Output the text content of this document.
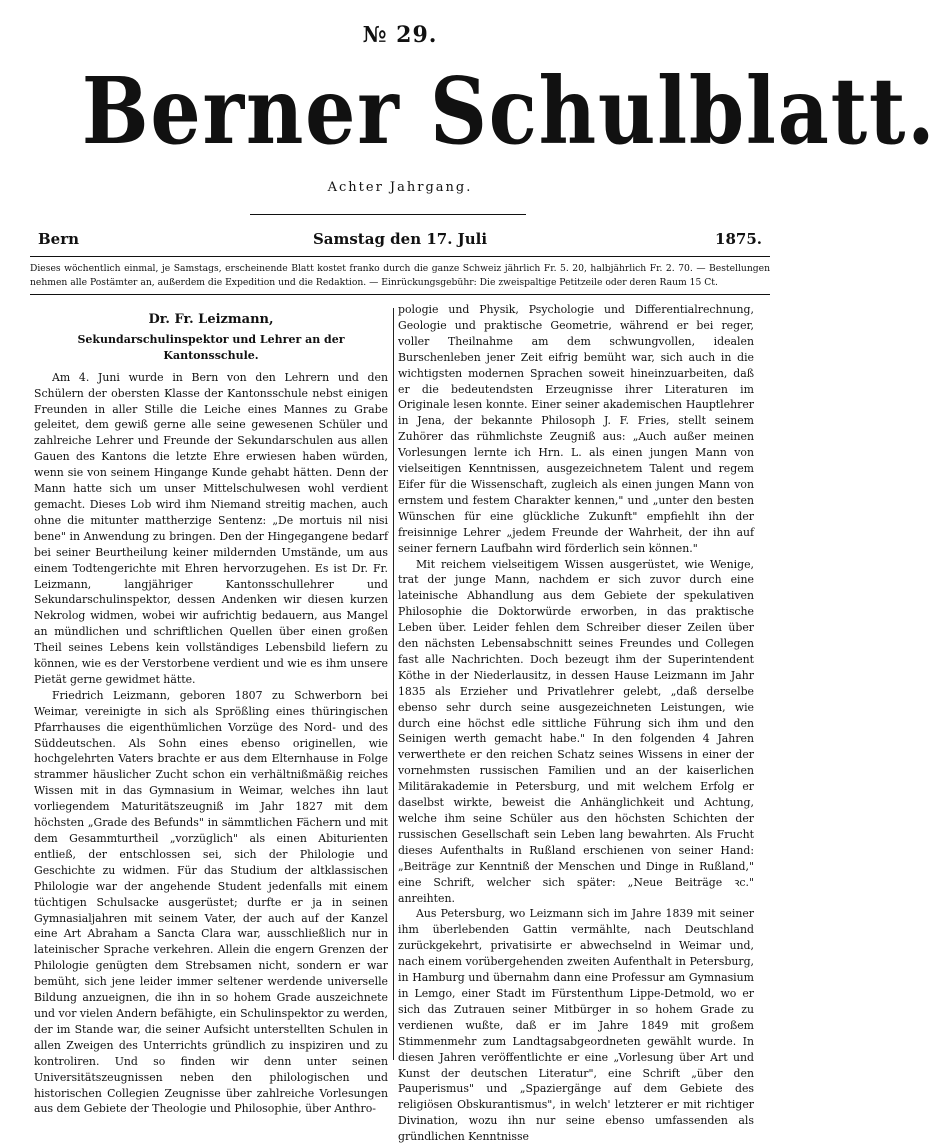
№ 29.
Berner Schulblatt.
Achter Jahrgang.
Bern	Samstag den 17. Juli	1875.
Dieses wöchentlich einmal, je Samstags, erscheinende Blatt kostet franko durch die ganze Schweiz jährlich Fr. 5. 20, halbjährlich Fr. 2. 70. — Bestellungen nehmen alle Postämter an, außerdem die Expedition und die Redaktion. — Einrückungsgebühr: Die zweispaltige Petitzeile oder deren Raum 15 Ct.
Dr. Fr. Leizmann,
Sekundarschulinspektor und Lehrer an der Kantonsschule.

Am 4. Juni wurde in Bern von den Lehrern und den Schülern der obersten Klasse der Kantonsschule nebst einigen Freunden in aller Stille die Leiche eines Mannes zu Grabe geleitet, dem gewiß gerne alle seine gewesenen Schüler und zahlreiche Lehrer und Freunde der Sekundarschulen aus allen Gauen des Kantons die letzte Ehre erwiesen haben würden, wenn sie von seinem Hingange Kunde gehabt hätten. Denn der Mann hatte sich um unser Mittelschulwesen wohl verdient gemacht. Dieses Lob wird ihm Niemand streitig machen, auch ohne die mitunter mattherzige Sentenz: „De mortuis nil nisi bene" in Anwendung zu bringen. Den der Hingegangene bedarf bei seiner Beurtheilung keiner mildernden Umstände, um aus einem Todtengerichte mit Ehren hervorzugehen. Es ist Dr. Fr. Leizmann, langjähriger Kantonsschullehrer und Sekundarschulinspektor, dessen Andenken wir diesen kurzen Nekrolog widmen, wobei wir aufrichtig bedauern, aus Mangel an mündlichen und schriftlichen Quellen über einen großen Theil seines Lebens kein vollständiges Lebensbild liefern zu können, wie es der Verstorbene verdient und wie es ihm unsere Pietät gerne gewidmet hätte.

Friedrich Leizmann, geboren 1807 zu Schwerborn bei Weimar, vereinigte in sich als Sprößling eines thüringischen Pfarrhauses die eigenthümlichen Vorzüge des Nord- und des Süddeutschen. Als Sohn eines ebenso originellen, wie hochgelehrten Vaters brachte er aus dem Elternhause in Folge strammer häuslicher Zucht schon ein verhältnißmäßig reiches Wissen mit in das Gymnasium in Weimar, welches ihn laut vorliegendem Maturitätszeugniß im Jahr 1827 mit dem höchsten „Grade des Befunds" in sämmtlichen Fächern und mit dem Gesammturtheil „vorzüglich" als einen Abiturienten entließ, der entschlossen sei, sich der Philologie und Geschichte zu widmen. Für das Studium der altklassischen Philologie war der angehende Student jedenfalls mit einem tüchtigen Schulsacke ausgerüstet; durfte er ja in seinen Gymnasialjahren mit seinem Vater, der auch auf der Kanzel eine Art Abraham a Sancta Clara war, ausschließlich nur in lateinischer Sprache verkehren. Allein die engern Grenzen der Philologie genügten dem Strebsamen nicht, sondern er war bemüht, sich jene leider immer seltener werdende universelle Bildung anzueignen, die ihn in so hohem Grade auszeichnete und vor vielen Andern befähigte, ein Schulinspektor zu werden, der im Stande war, die seiner Aufsicht unterstellten Schulen in allen Zweigen des Unterrichts gründlich zu inspiziren und zu kontroliren. Und so finden wir denn unter seinen Universitätszeugnissen neben den philologischen und historischen Collegien Zeugnisse über zahlreiche Vorlesungen aus dem Gebiete der Theologie und Philosophie, über Anthro-

pologie und Physik, Psychologie und Differentialrechnung, Geologie und praktische Geometrie, während er bei reger, voller Theilnahme am dem schwungvollen, idealen Burschenleben jener Zeit eifrig bemüht war, sich auch in die wichtigsten modernen Sprachen soweit hineinzuarbeiten, daß er die bedeutendsten Erzeugnisse ihrer Literaturen im Originale lesen konnte. Einer seiner akademischen Hauptlehrer in Jena, der bekannte Philosoph J. F. Fries, stellt seinem Zuhörer das rühmlichste Zeugniß aus: „Auch außer meinen Vorlesungen lernte ich Hrn. L. als einen jungen Mann von vielseitigen Kenntnissen, ausgezeichnetem Talent und regem Eifer für die Wissenschaft, zugleich als einen jungen Mann von ernstem und festem Charakter kennen," und „unter den besten Wünschen für eine glückliche Zukunft" empfiehlt ihn der freisinnige Lehrer „jedem Freunde der Wahrheit, der ihn auf seiner fernern Laufbahn wird förderlich sein können."

Mit reichem vielseitigem Wissen ausgerüstet, wie Wenige, trat der junge Mann, nachdem er sich zuvor durch eine lateinische Abhandlung aus dem Gebiete der spekulativen Philosophie die Doktorwürde erworben, in das praktische Leben über. Leider fehlen dem Schreiber dieser Zeilen über den nächsten Lebensabschnitt seines Freundes und Collegen fast alle Nachrichten. Doch bezeugt ihm der Superintendent Köthe in der Niederlausitz, in dessen Hause Leizmann im Jahr 1835 als Erzieher und Privatlehrer gelebt, „daß derselbe ebenso sehr durch seine ausgezeichneten Leistungen, wie durch eine höchst edle sittliche Führung sich ihm und den Seinigen werth gemacht habe." In den folgenden 4 Jahren verwerthete er den reichen Schatz seines Wissens in einer der vornehmsten russischen Familien und an der kaiserlichen Militärakademie in Petersburg, und mit welchem Erfolg er daselbst wirkte, beweist die Anhänglichkeit und Achtung, welche ihm seine Schüler aus den höchsten Schichten der russischen Gesellschaft sein Leben lang bewahrten. Als Frucht dieses Aufenthalts in Rußland erschienen von seiner Hand: „Beiträge zur Kenntniß der Menschen und Dinge in Rußland," eine Schrift, welcher sich später: „Neue Beiträge ꝛc." anreihten.

Aus Petersburg, wo Leizmann sich im Jahre 1839 mit seiner ihm überlebenden Gattin vermählte, nach Deutschland zurückgekehrt, privatisirte er abwechselnd in Weimar und, nach einem vorübergehenden zweiten Aufenthalt in Petersburg, in Hamburg und übernahm dann eine Professur am Gymnasium in Lemgo, einer Stadt im Fürstenthum Lippe-Detmold, wo er sich das Zutrauen seiner Mitbürger in so hohem Grade zu verdienen wußte, daß er im Jahre 1849 mit großem Stimmenmehr zum Landtagsabgeordneten gewählt wurde. In diesen Jahren veröffentlichte er eine „Vorlesung über Art und Kunst der deutschen Literatur", eine Schrift „über den Pauperismus" und „Spaziergänge auf dem Gebiete des religiösen Obskurantismus", in welch' letzterer er mit richtiger Divination, wozu ihn nur seine ebenso umfassenden als gründlichen Kenntnisse
